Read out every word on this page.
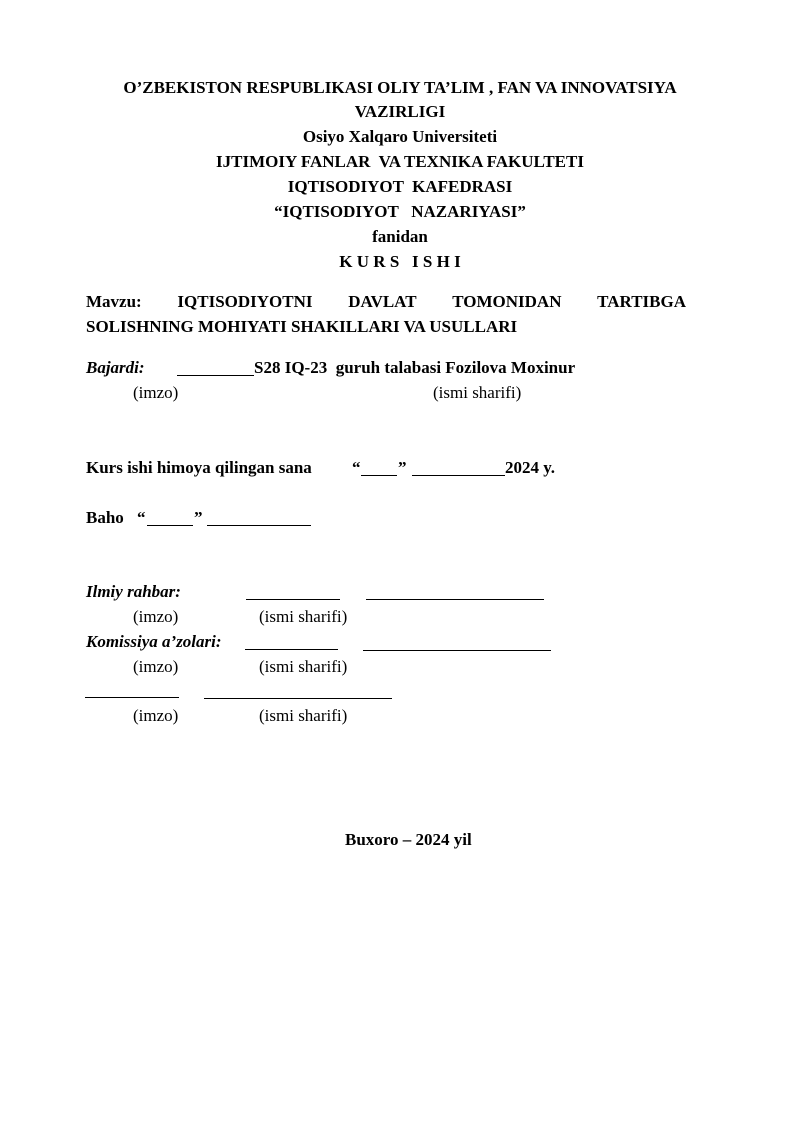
O’ZBEKISTON RESPUBLIKASI OLIY TA’LIM , FAN VA INNOVATSIYA
VAZIRLIGI
Osiyo Xalqaro Universiteti
IJTIMOIY FANLAR  VA TEXNIKA FAKULTETI
IQTISODIYOT  KAFEDRASI
“IQTISODIYOT   NAZARIYASI”
fanidan
K U R S   I S H I
Mavzu: IQTISODIYOTNI DAVLAT TOMONIDAN TARTIBGA
SOLISHNING MOHIYATI SHAKILLARI VA USULLARI
Bajardi:	S28 IQ-23  guruh talabasi Fozilova Moxinur
(imzo)	(ismi sharifi)
Kurs ishi himoya qilingan sana “ ”	2024 y.
Baho “	”
Ilmiy rahbar:
(imzo)	(ismi sharifi)
Komissiya a’zolari:
(imzo)	(ismi sharifi)
(imzo)	(ismi sharifi)
Buxoro – 2024 yil
